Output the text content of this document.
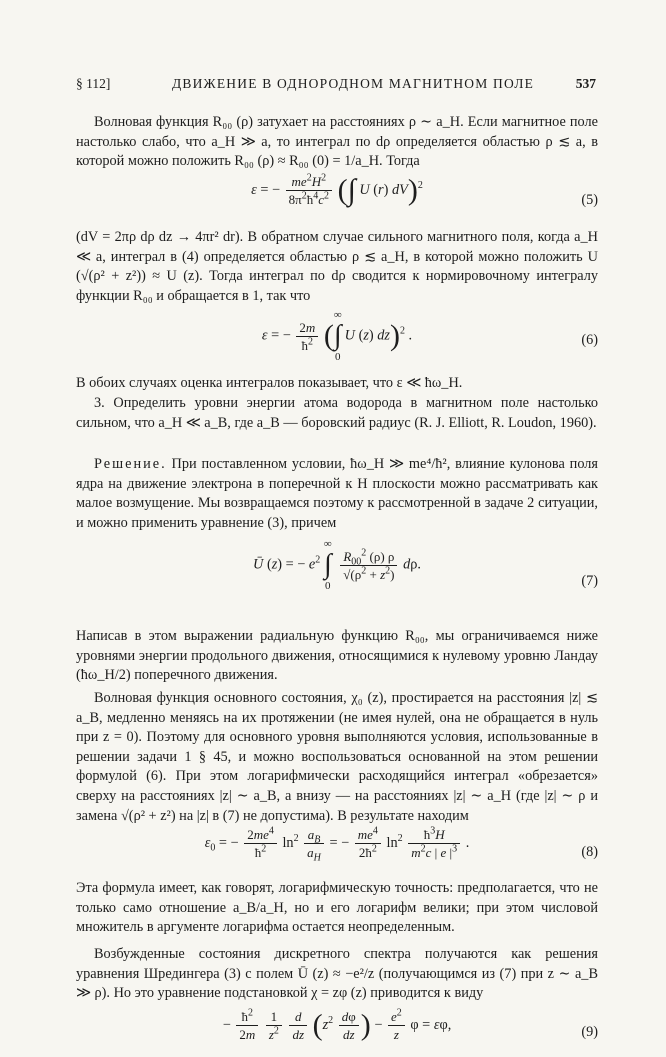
§ 112]	ДВИЖЕНИЕ В ОДНОРОДНОМ МАГНИТНОМ ПОЛЕ	537

Волновая функция R₀₀ (ρ) затухает на расстояниях ρ ∼ a_H. Если магнитное поле настолько слабо, что a_H ≫ a, то интеграл по dρ определяется областью ρ ≲ a, в которой можно положить R₀₀ (ρ) ≈ R₀₀ (0) = 1/a_H. Тогда

ε = − $\frac{me^2H^2}{8\pi^2ħ^4c^2}$ (∫ U (r) dV)$^2$
(5)

(dV = 2πρ dρ dz → 4πr² dr). В обратном случае сильного магнитного поля, когда a_H ≪ a, интеграл в (4) определяется областью ρ ≲ a_H, в которой можно положить U (√(ρ² + z²)) ≈ U (z). Тогда интеграл по dρ сводится к нормировочному интегралу функции R₀₀ и обращается в 1, так что

ε = − $\frac{2m}{ħ^2}$ (
∞
∫
0
U (z) dz)$^2$ .	(6)

В обоих случаях оценка интегралов показывает, что ε ≪ ħω_H.

3. Определить уровни энергии атома водорода в магнитном поле настолько сильном, что a_H ≪ a_B, где a_B — боровский радиус (R. J. Elliott, R. Loudon, 1960).

Решение. При поставленном условии, ħω_H ≫ me⁴/ħ², влияние кулонова поля ядра на движение электрона в поперечной к H плоскости можно рассматривать как малое возмущение. Мы возвращаемся поэтому к рассмотренной в задаче 2 ситуации, и можно применить уравнение (3), причем

Ū (z) = − $e^2$
∞
∫
0

$\frac{R_{00}^2 (\rho) \rho}{√(\rho^2 + z^2)} d\rho$.
(7)

Написав в этом выражении радиальную функцию R₀₀, мы ограничиваемся ниже уровнями энергии продольного движения, относящимися к нулевому уровню Ландау (ħω_H/2) поперечного движения.

Волновая функция основного состояния, χ₀ (z), простирается на расстояния |z| ≲ a_B, медленно меняясь на их протяжении (не имея нулей, она не обращается в нуль при z = 0). Поэтому для основного уровня выполняются условия, использованные в решении задачи 1 § 45, и можно воспользоваться основанной на этом решении формулой (6). При этом логарифмически расходящийся интеграл «обрезается» сверху на расстояниях |z| ∼ a_B, а внизу — на расстояниях |z| ∼ a_H (где |z| ∼ ρ и замена √(ρ² + z²) на |z| в (7) не допустима). В результате находим

$\varepsilon_0$ = − $\frac{2me^4}{ħ^2} \ln^2 \frac{a_B}{a_H}$ = − $\frac{me^4}{2ħ^2} \ln^2 \frac{ħ^3H}{m^2c | e |^3}$ .
(8)

Эта формула имеет, как говорят, логарифмическую точность: предполагается, что не только само отношение a_B/a_H, но и его логарифм велики; при этом числовой множитель в аргументе логарифма остается неопределенным.

Возбужденные состояния дискретного спектра получаются как решения уравнения Шредингера (3) с полем Ū (z) ≈ −e²/z (получающимся из (7) при z ∼ a_B ≫ ρ). Но это уравнение подстановкой χ = zφ (z) приводится к виду

− $\frac{ħ^2}{2m}$
$\frac{1}{z^2}$
$\frac{d}{dz} (z^2 \frac{d\varphi}{dz}$ ) − $\frac{e^2}{z}$ φ = εφ,	(9)
